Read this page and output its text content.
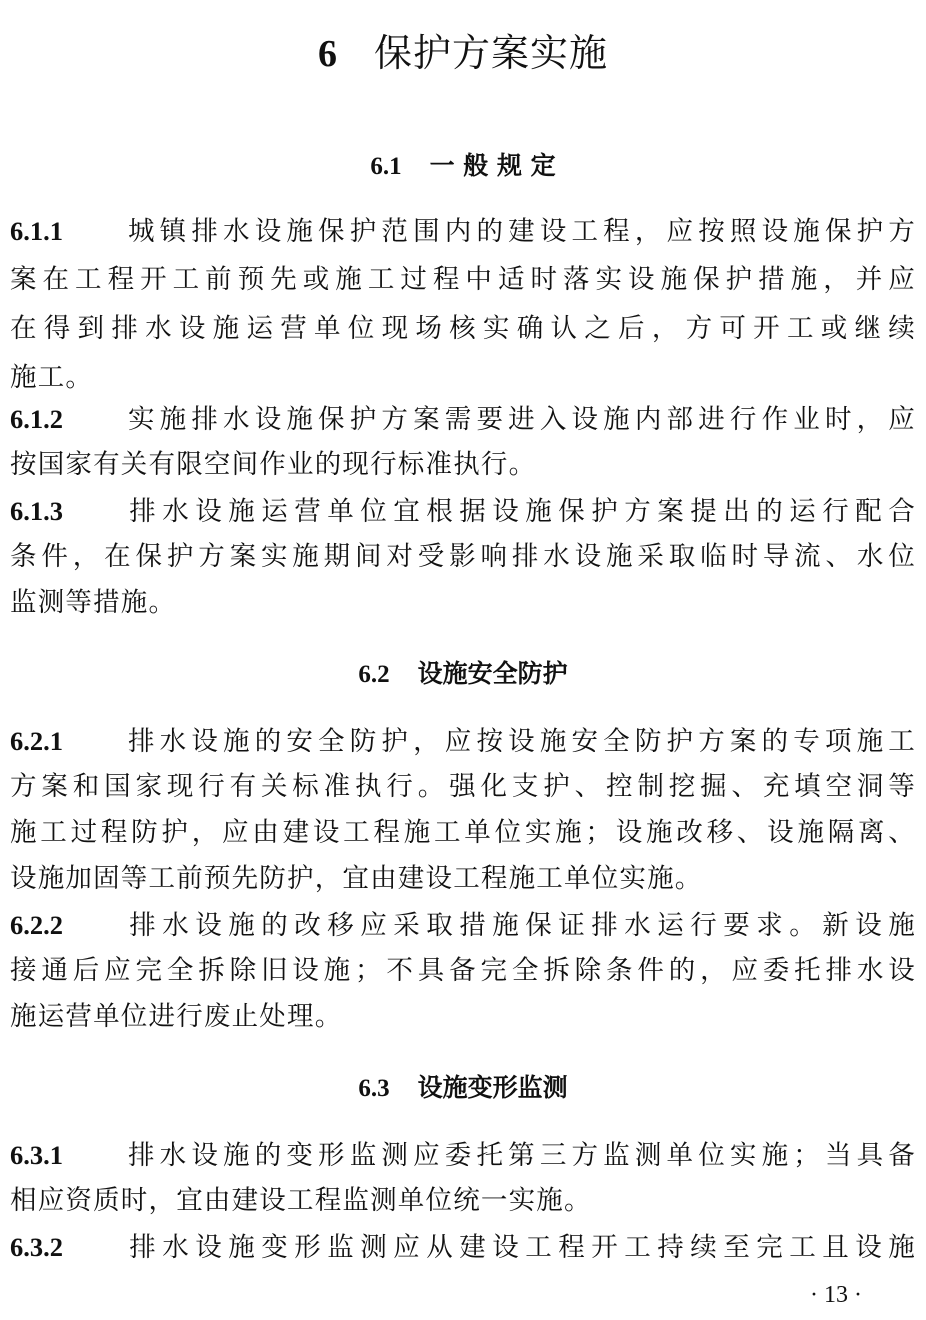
6 保护方案实施
6.1 一 般 规 定
6.1.1 城镇排水设施保护范围内的建设工程，应按照设施保护方
案在工程开工前预先或施工过程中适时落实设施保护措施，并应
在得到排水设施运营单位现场核实确认之后，方可开工或继续
施工。
6.1.2 实施排水设施保护方案需要进入设施内部进行作业时，应
按国家有关有限空间作业的现行标准执行。
6.1.3 排水设施运营单位宜根据设施保护方案提出的运行配合
条件，在保护方案实施期间对受影响排水设施采取临时导流、水位
监测等措施。
6.2 设施安全防护
6.2.1 排水设施的安全防护，应按设施安全防护方案的专项施工
方案和国家现行有关标准执行。强化支护、控制挖掘、充填空洞等
施工过程防护，应由建设工程施工单位实施；设施改移、设施隔离、
设施加固等工前预先防护，宜由建设工程施工单位实施。
6.2.2 排水设施的改移应采取措施保证排水运行要求。新设施
接通后应完全拆除旧设施；不具备完全拆除条件的，应委托排水设
施运营单位进行废止处理。
6.3 设施变形监测
6.3.1 排水设施的变形监测应委托第三方监测单位实施；当具备
相应资质时，宜由建设工程监测单位统一实施。
6.3.2 排水设施变形监测应从建设工程开工持续至完工且设施
· 13 ·
